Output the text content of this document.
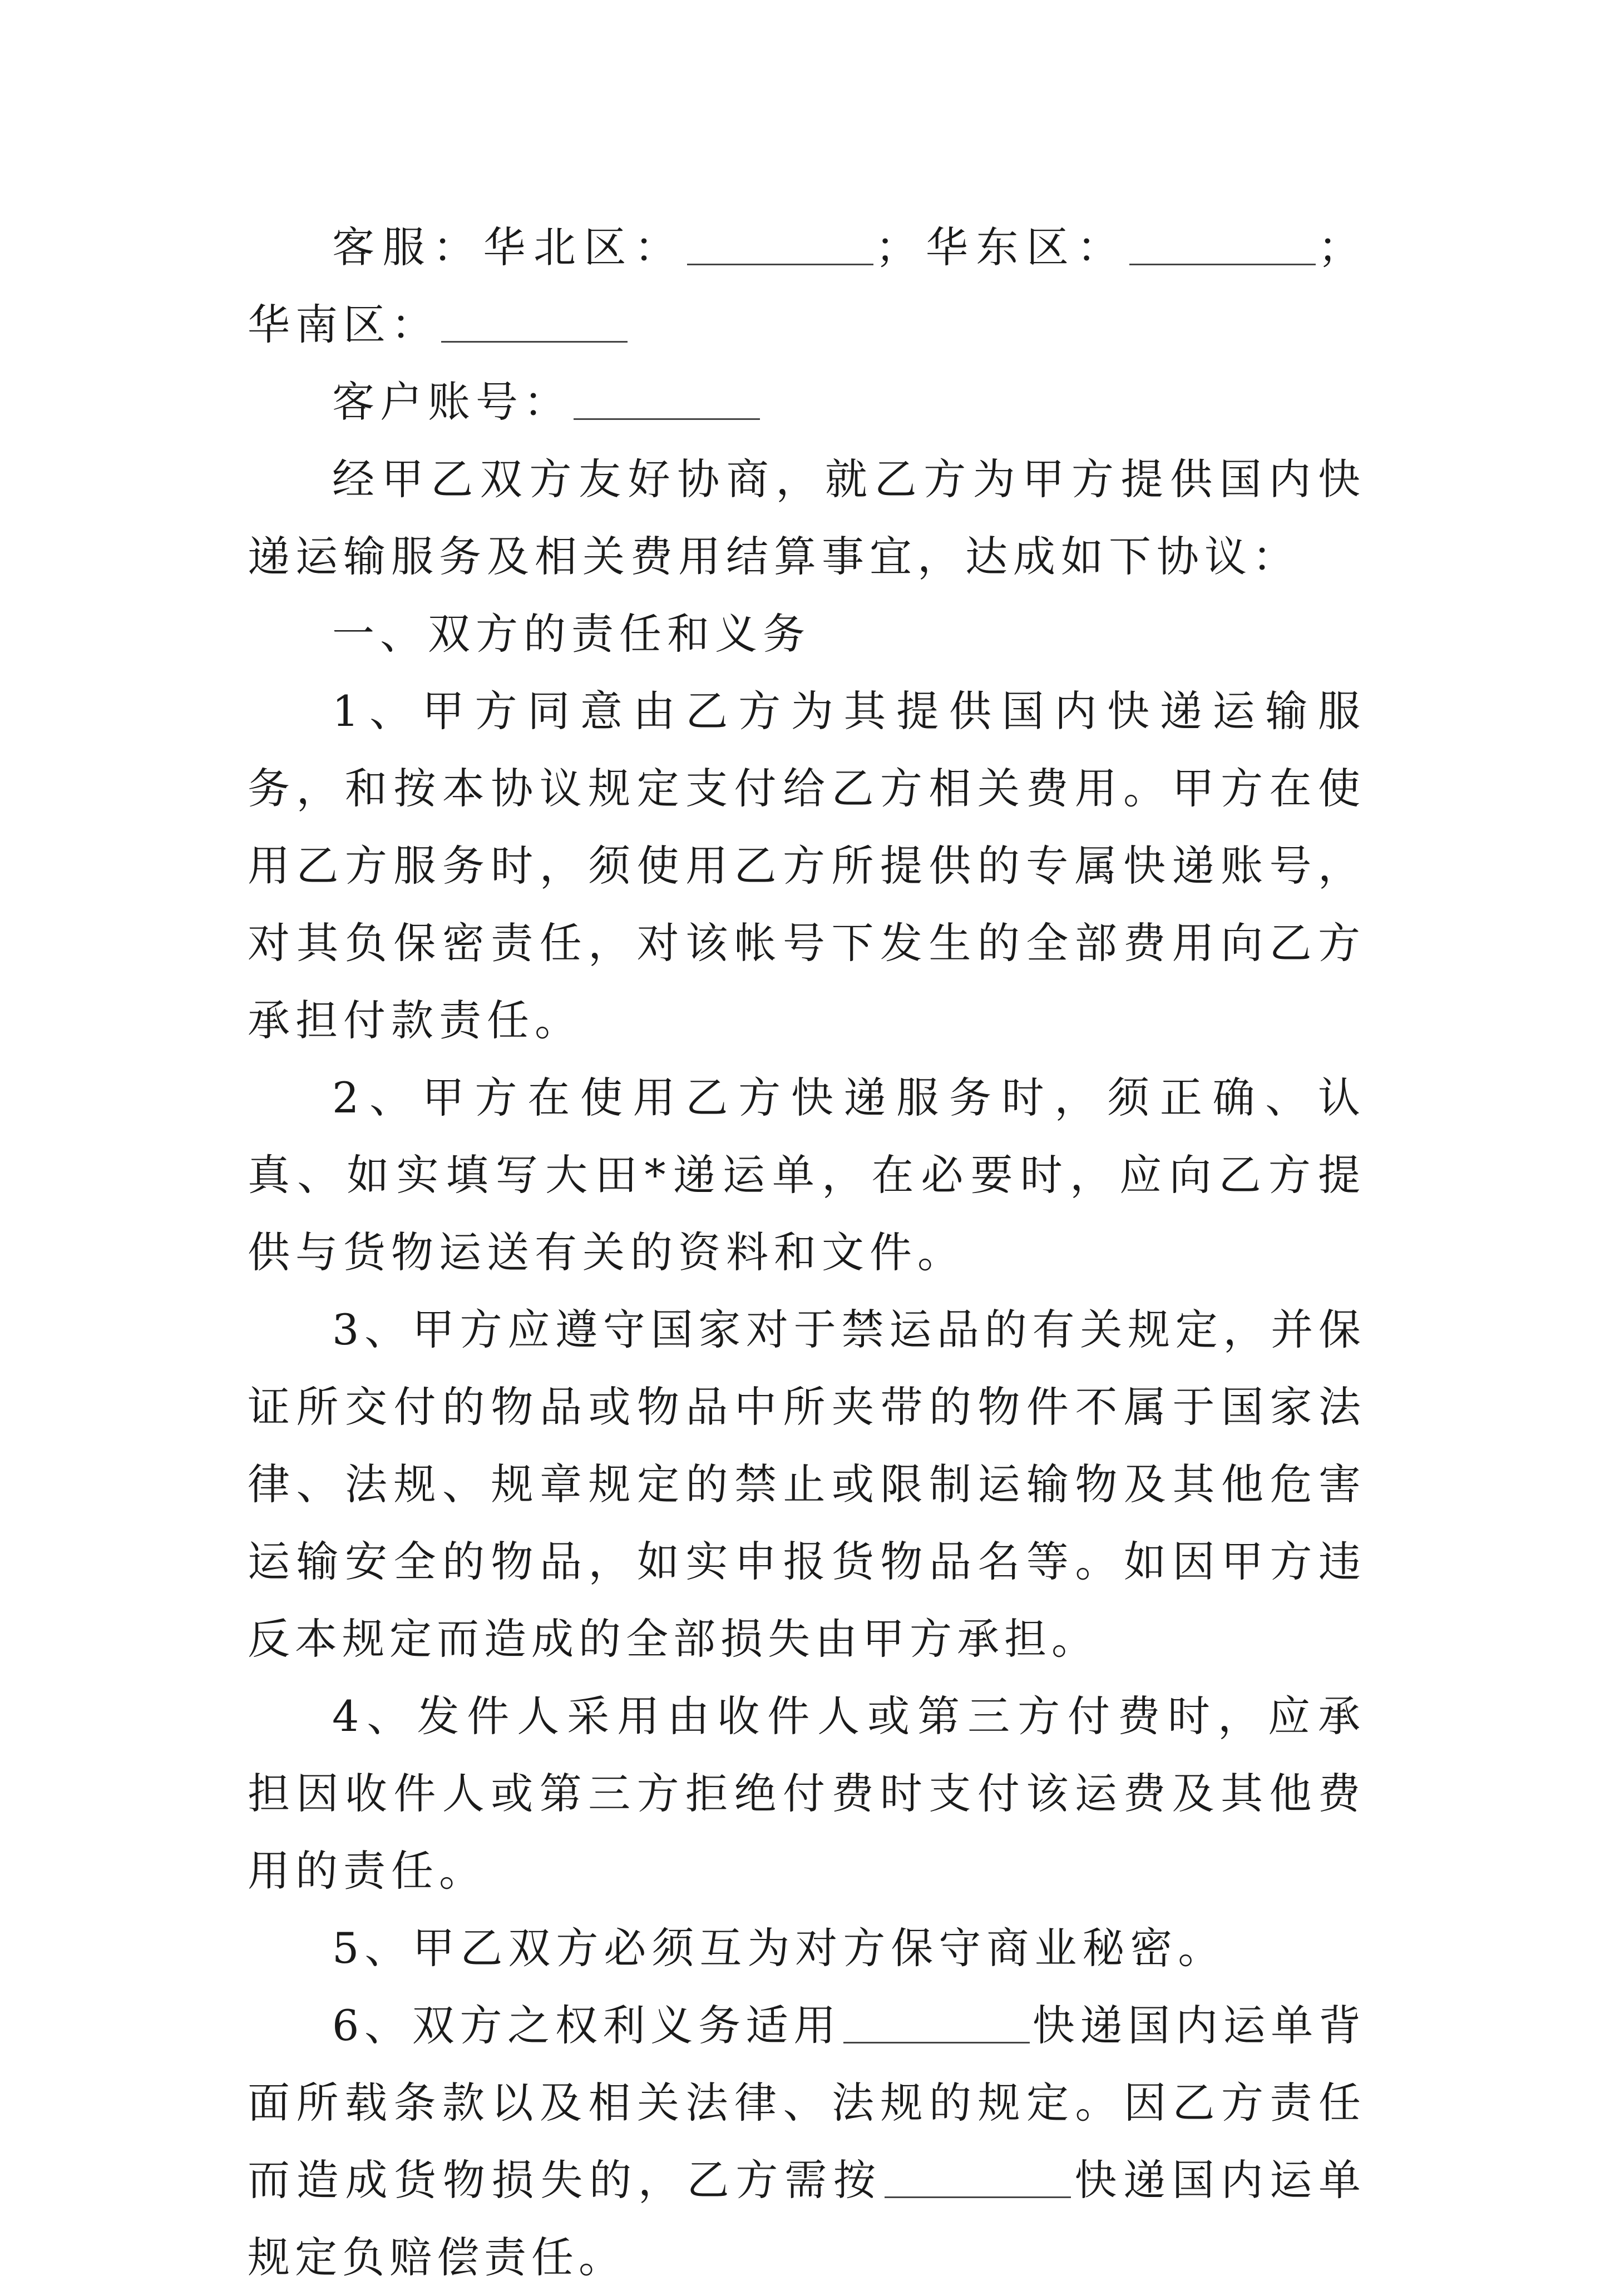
客服：华北区：	；华东区：	；华南区：

客户账号：

经甲乙双方友好协商，就乙方为甲方提供国内快递运输服务及相关费用结算事宜，达成如下协议：

一、双方的责任和义务

1、甲方同意由乙方为其提供国内快递运输服务，和按本协议规定支付给乙方相关费用。甲方在使用乙方服务时，须使用乙方所提供的专属快递账号，对其负保密责任，对该帐号下发生的全部费用向乙方承担付款责任。

2、甲方在使用乙方快递服务时，须正确、认真、如实填写大田*递运单，在必要时，应向乙方提供与货物运送有关的资料和文件。

3、甲方应遵守国家对于禁运品的有关规定，并保证所交付的物品或物品中所夹带的物件不属于国家法律、法规、规章规定的禁止或限制运输物及其他危害运输安全的物品，如实申报货物品名等。如因甲方违反本规定而造成的全部损失由甲方承担。

4、发件人采用由收件人或第三方付费时，应承担因收件人或第三方拒绝付费时支付该运费及其他费用的责任。

5、甲乙双方必须互为对方保守商业秘密。

6、双方之权利义务适用	快递国内运单背面所载条款以及相关法律、法规的规定。因乙方责任而造成货物损失的，乙方需按	快递国内运单规定负赔偿责任。
